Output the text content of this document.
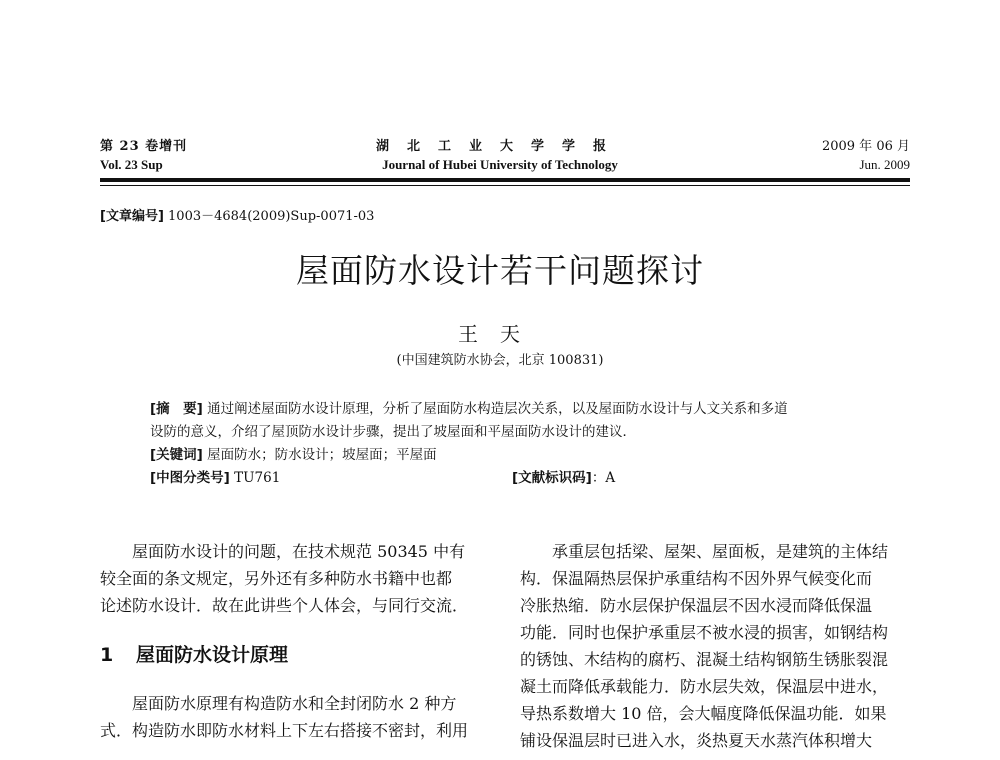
第 23 卷增刊
Vol. 23 Sup
湖北工业大学学报
Journal of Hubei University of Technology
2009 年 06 月
Jun. 2009
[文章编号] 1003－4684(2009)Sup-0071-03
屋面防水设计若干问题探讨
王天
(中国建筑防水协会，北京 100831)
[摘　要] 通过阐述屋面防水设计原理，分析了屋面防水构造层次关系，以及屋面防水设计与人文关系和多道
设防的意义，介绍了屋顶防水设计步骤，提出了坡屋面和平屋面防水设计的建议．
[关键词] 屋面防水；防水设计；坡屋面；平屋面
[中图分类号] TU761	[文献标识码]：A
屋面防水设计的问题，在技术规范 50345 中有
较全面的条文规定，另外还有多种防水书籍中也都
论述防水设计．故在此讲些个人体会，与同行交流．
1 屋面防水设计原理
屋面防水原理有构造防水和全封闭防水 2 种方
式．构造防水即防水材料上下左右搭接不密封，利用
承重层包括梁、屋架、屋面板，是建筑的主体结
构．保温隔热层保护承重结构不因外界气候变化而
冷胀热缩．防水层保护保温层不因水浸而降低保温
功能．同时也保护承重层不被水浸的损害，如钢结构
的锈蚀、木结构的腐朽、混凝土结构钢筋生锈胀裂混
凝土而降低承载能力．防水层失效，保温层中进水，
导热系数增大 10 倍，会大幅度降低保温功能．如果
铺设保温层时已进入水，炎热夏天水蒸汽体积增大
